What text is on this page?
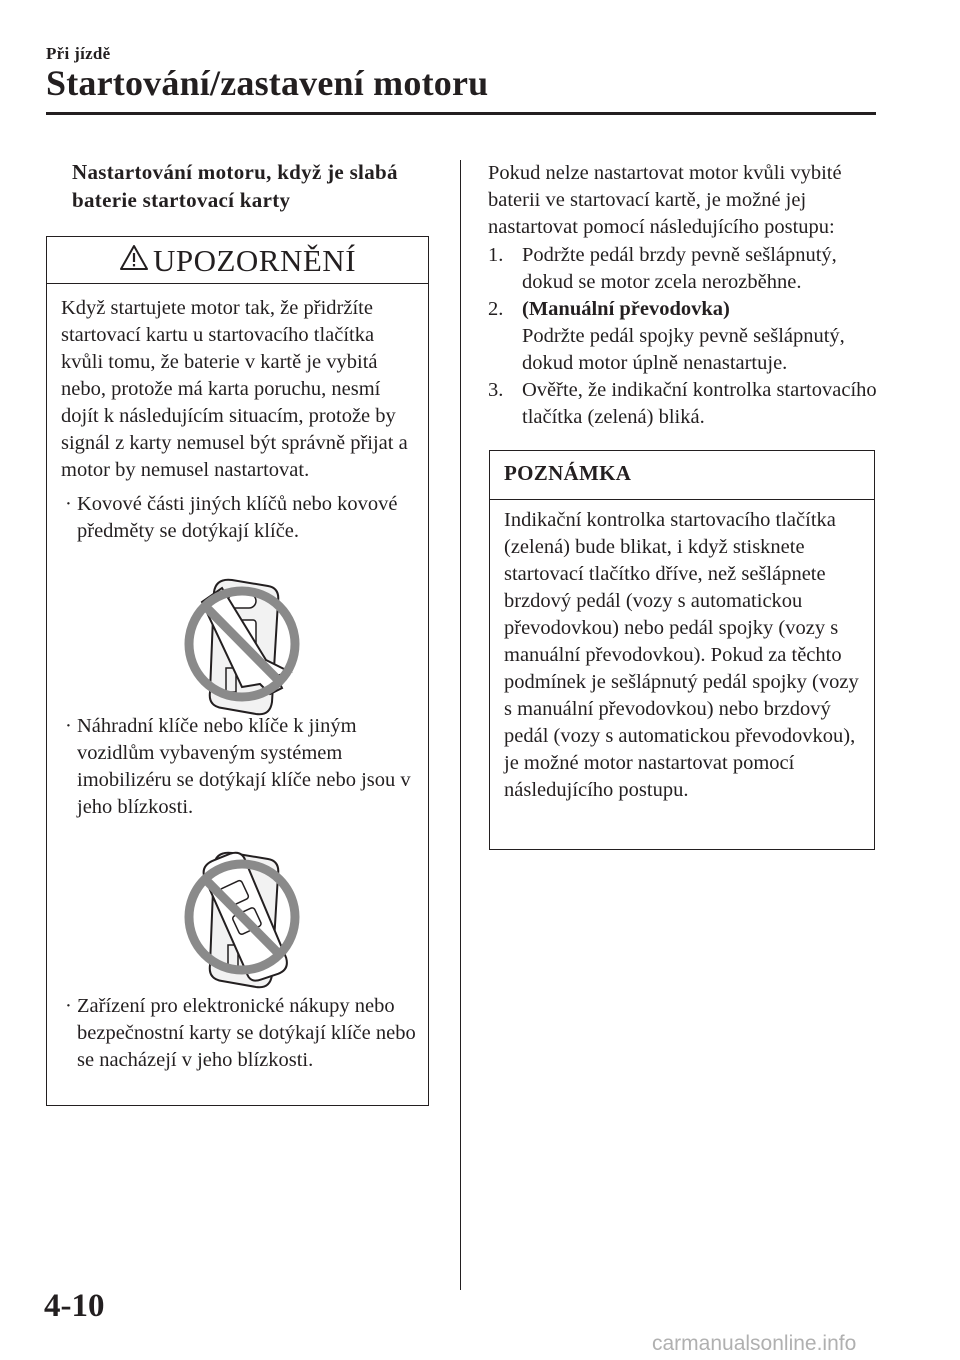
Při jízdě
Startování/zastavení motoru
Nastartování motoru, když je slabá baterie startovací karty
UPOZORNĚNÍ
Když startujete motor tak, že přidržíte startovací kartu u startovacího tlačítka kvůli tomu, že baterie v kartě je vybitá nebo, protože má karta poruchu, nesmí dojít k následujícím situacím, protože by signál z karty nemusel být správně přijat a motor by nemusel nastartovat.
· Kovové části jiných klíčů nebo kovové předměty se dotýkají klíče.
· Náhradní klíče nebo klíče k jiným vozidlům vybaveným systémem imobilizéru se dotýkají klíče nebo jsou v jeho blízkosti.
· Zařízení pro elektronické nákupy nebo bezpečnostní karty se dotýkají klíče nebo se nacházejí v jeho blízkosti.
Pokud nelze nastartovat motor kvůli vybité baterii ve startovací kartě, je možné jej nastartovat pomocí následujícího postupu:
1. Podržte pedál brzdy pevně sešlápnutý, dokud se motor zcela nerozběhne.
2. (Manuální převodovka)
Podržte pedál spojky pevně sešlápnutý, dokud motor úplně nenastartuje.
3. Ověřte, že indikační kontrolka startovacího tlačítka (zelená) bliká.
POZNÁMKA
Indikační kontrolka startovacího tlačítka (zelená) bude blikat, i když stisknete startovací tlačítko dříve, než sešlápnete brzdový pedál (vozy s automatickou převodovkou) nebo pedál spojky (vozy s manuální převodovkou). Pokud za těchto podmínek je sešlápnutý pedál spojky (vozy s manuální převodovkou) nebo brzdový pedál (vozy s automatickou převodovkou), je možné motor nastartovat pomocí následujícího postupu.
4-10
carmanualsonline.info
